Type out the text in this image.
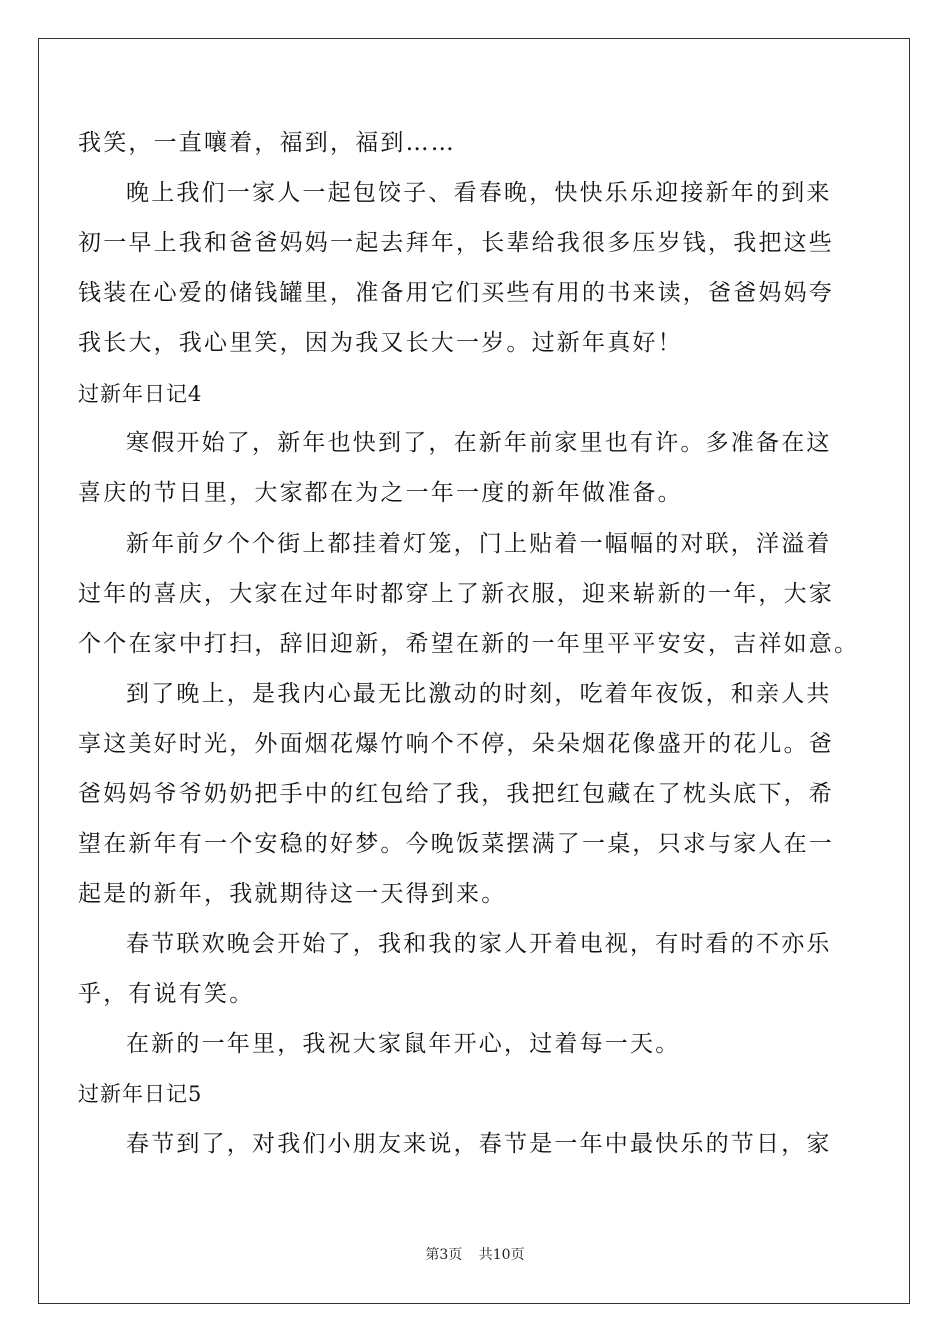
我笑，一直嚷着，福到，福到……
晚上我们一家人一起包饺子、看春晚，快快乐乐迎接新年的到来
初一早上我和爸爸妈妈一起去拜年，长辈给我很多压岁钱，我把这些
钱装在心爱的储钱罐里，准备用它们买些有用的书来读，爸爸妈妈夸
我长大，我心里笑，因为我又长大一岁。过新年真好！
过新年日记4
寒假开始了，新年也快到了，在新年前家里也有许。多准备在这
喜庆的节日里，大家都在为之一年一度的新年做准备。
新年前夕个个街上都挂着灯笼，门上贴着一幅幅的对联，洋溢着
过年的喜庆，大家在过年时都穿上了新衣服，迎来崭新的一年，大家
个个在家中打扫，辞旧迎新，希望在新的一年里平平安安，吉祥如意。
到了晚上，是我内心最无比激动的时刻，吃着年夜饭，和亲人共
享这美好时光，外面烟花爆竹响个不停，朵朵烟花像盛开的花儿。爸
爸妈妈爷爷奶奶把手中的红包给了我，我把红包藏在了枕头底下，希
望在新年有一个安稳的好梦。今晚饭菜摆满了一桌，只求与家人在一
起是的新年，我就期待这一天得到来。
春节联欢晚会开始了，我和我的家人开着电视，有时看的不亦乐
乎，有说有笑。
在新的一年里，我祝大家鼠年开心，过着每一天。
过新年日记5
春节到了，对我们小朋友来说，春节是一年中最快乐的节日，家
第3页 共10页
